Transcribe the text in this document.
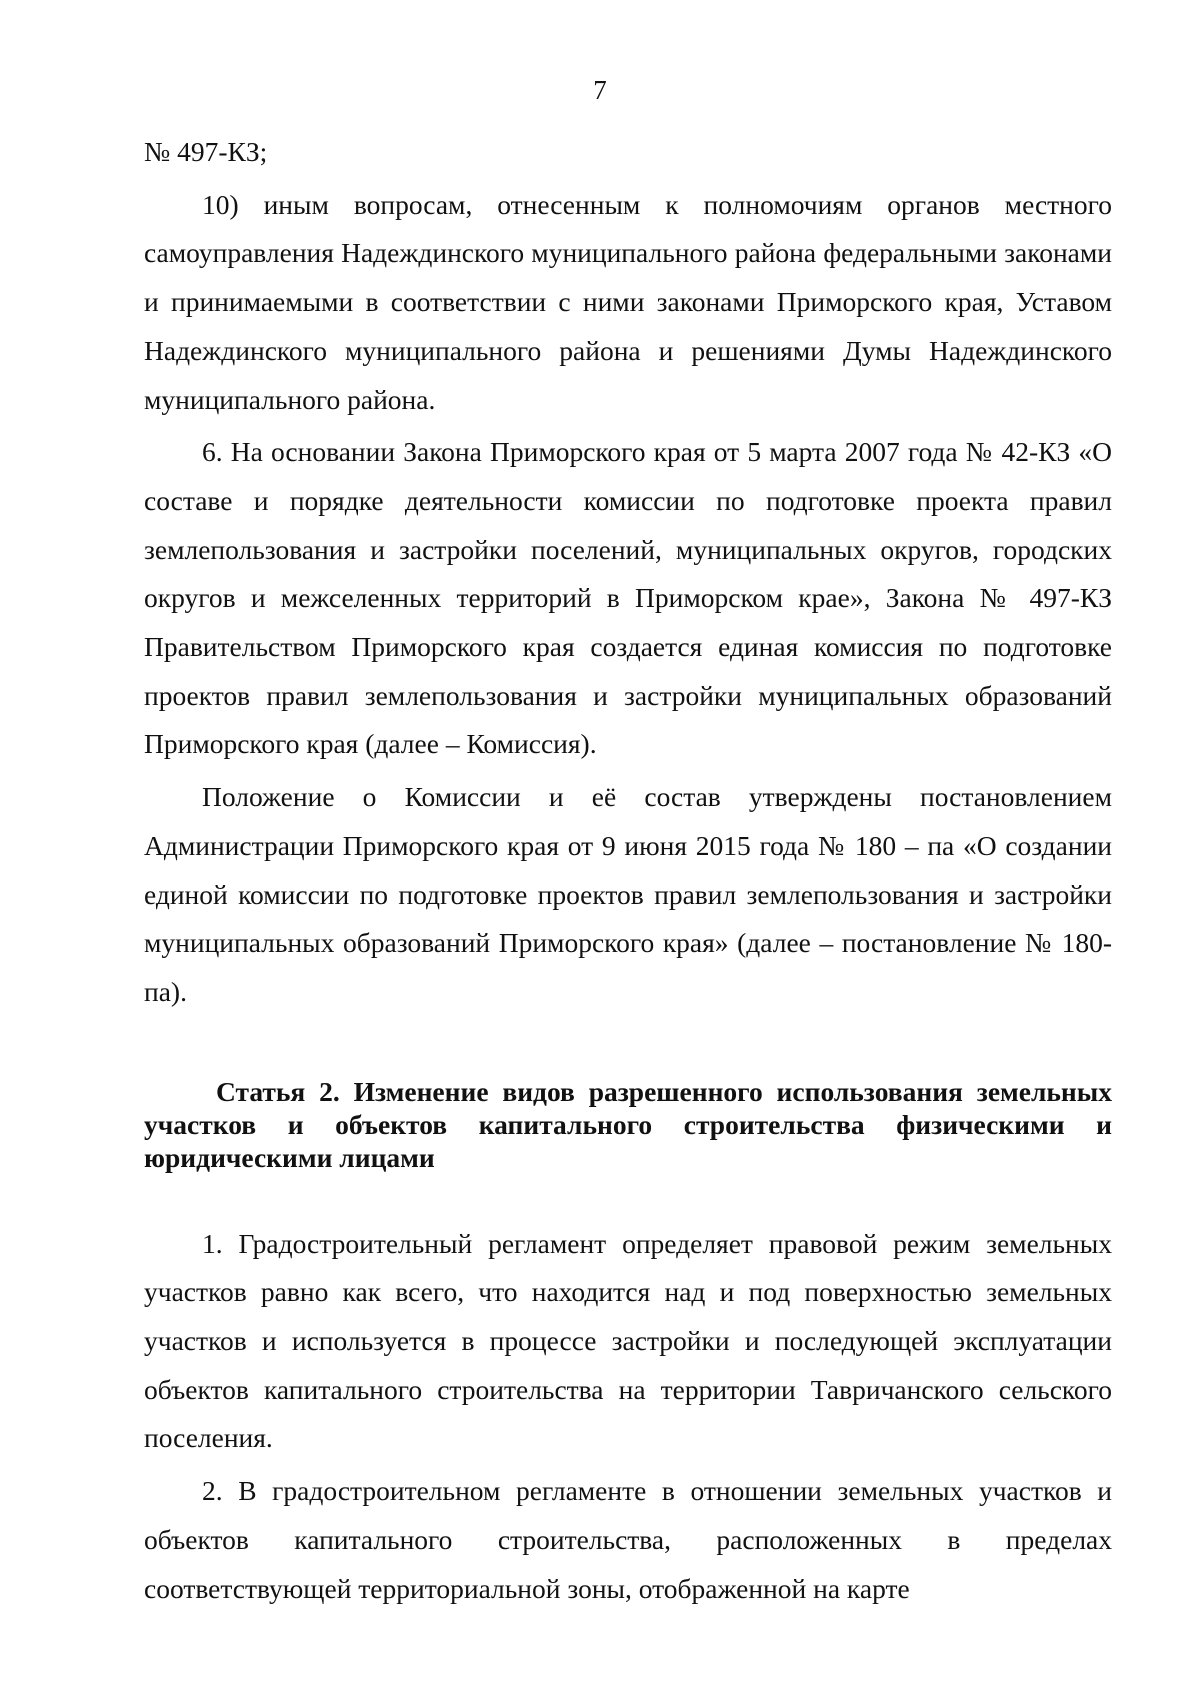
7

№ 497-КЗ;

10) иным вопросам, отнесенным к полномочиям органов местного самоуправления Надеждинского муниципального района федеральными законами и принимаемыми в соответствии с ними законами Приморского края, Уставом Надеждинского муниципального района и решениями Думы Надеждинского муниципального района.

6. На основании Закона Приморского края от 5 марта 2007 года № 42-КЗ «О составе и порядке деятельности комиссии по подготовке проекта правил землепользования и застройки поселений, муниципальных округов, городских округов и межселенных территорий в Приморском крае», Закона № 497-КЗ Правительством Приморского края создается единая комиссия по подготовке проектов правил землепользования и застройки муниципальных образований Приморского края (далее – Комиссия).

Положение о Комиссии и её состав утверждены постановлением Администрации Приморского края от 9 июня 2015 года № 180 – па «О создании единой комиссии по подготовке проектов правил землепользования и застройки муниципальных образований Приморского края» (далее – постановление № 180-па).

Статья 2. Изменение видов разрешенного использования земельных участков и объектов капитального строительства физическими и юридическими лицами

1. Градостроительный регламент определяет правовой режим земельных участков равно как всего, что находится над и под поверхностью земельных участков и используется в процессе застройки и последующей эксплуатации объектов капитального строительства на территории Тавричанского сельского поселения.

2. В градостроительном регламенте в отношении земельных участков и объектов капитального строительства, расположенных в пределах соответствующей территориальной зоны, отображенной на карте
